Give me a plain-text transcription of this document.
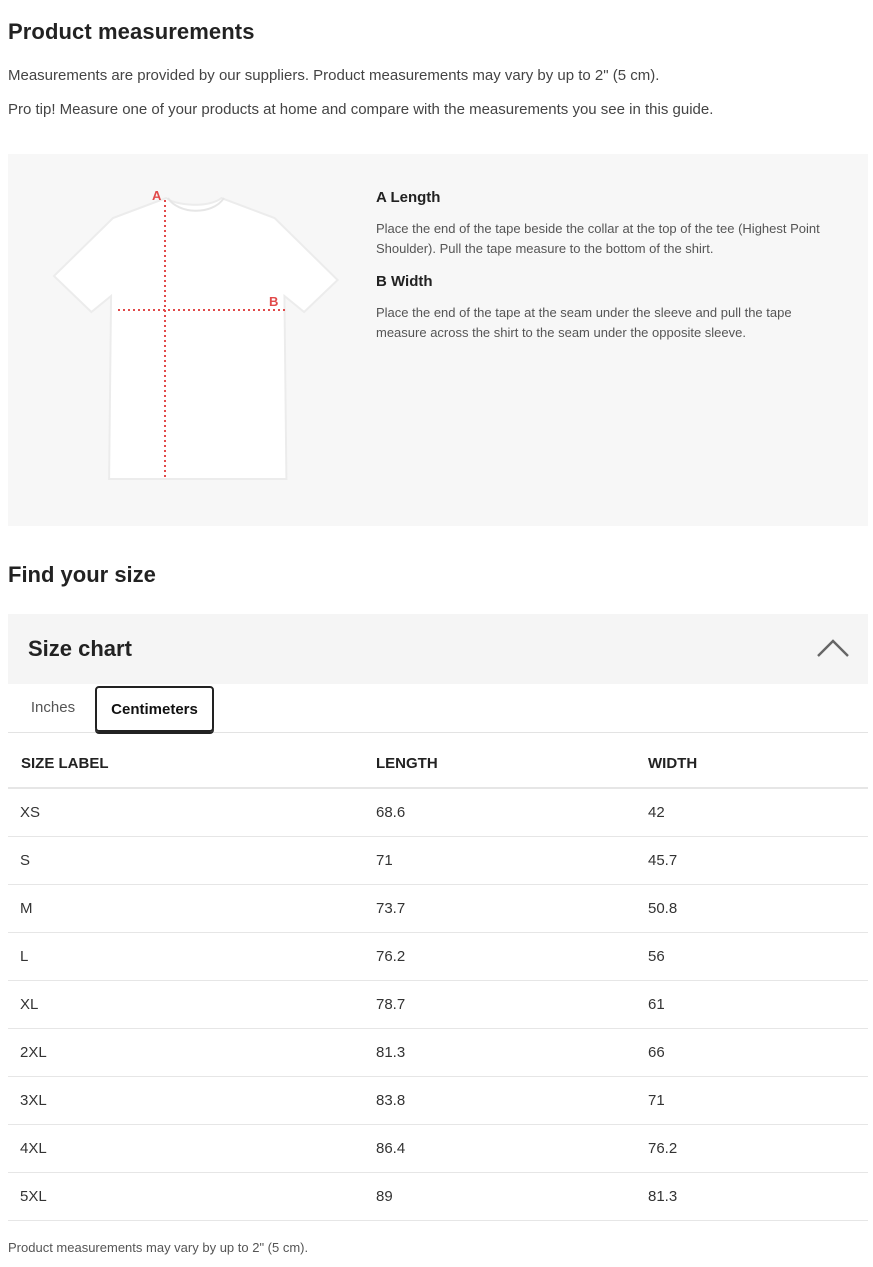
Product measurements
Measurements are provided by our suppliers. Product measurements may vary by up to 2" (5 cm).
Pro tip! Measure one of your products at home and compare with the measurements you see in this guide.
A
B
A Length
Place the end of the tape beside the collar at the top of the tee (Highest Point Shoulder). Pull the tape measure to the bottom of the shirt.
B Width
Place the end of the tape at the seam under the sleeve and pull the tape measure across the shirt to the seam under the opposite sleeve.
Find your size
Size chart
Inches	Centimeters
SIZE LABEL	LENGTH	WIDTH
XS	68.6	42
S	71	45.7
M	73.7	50.8
L	76.2	56
XL	78.7	61
2XL	81.3	66
3XL	83.8	71
4XL	86.4	76.2
5XL	89	81.3
Product measurements may vary by up to 2" (5 cm).
